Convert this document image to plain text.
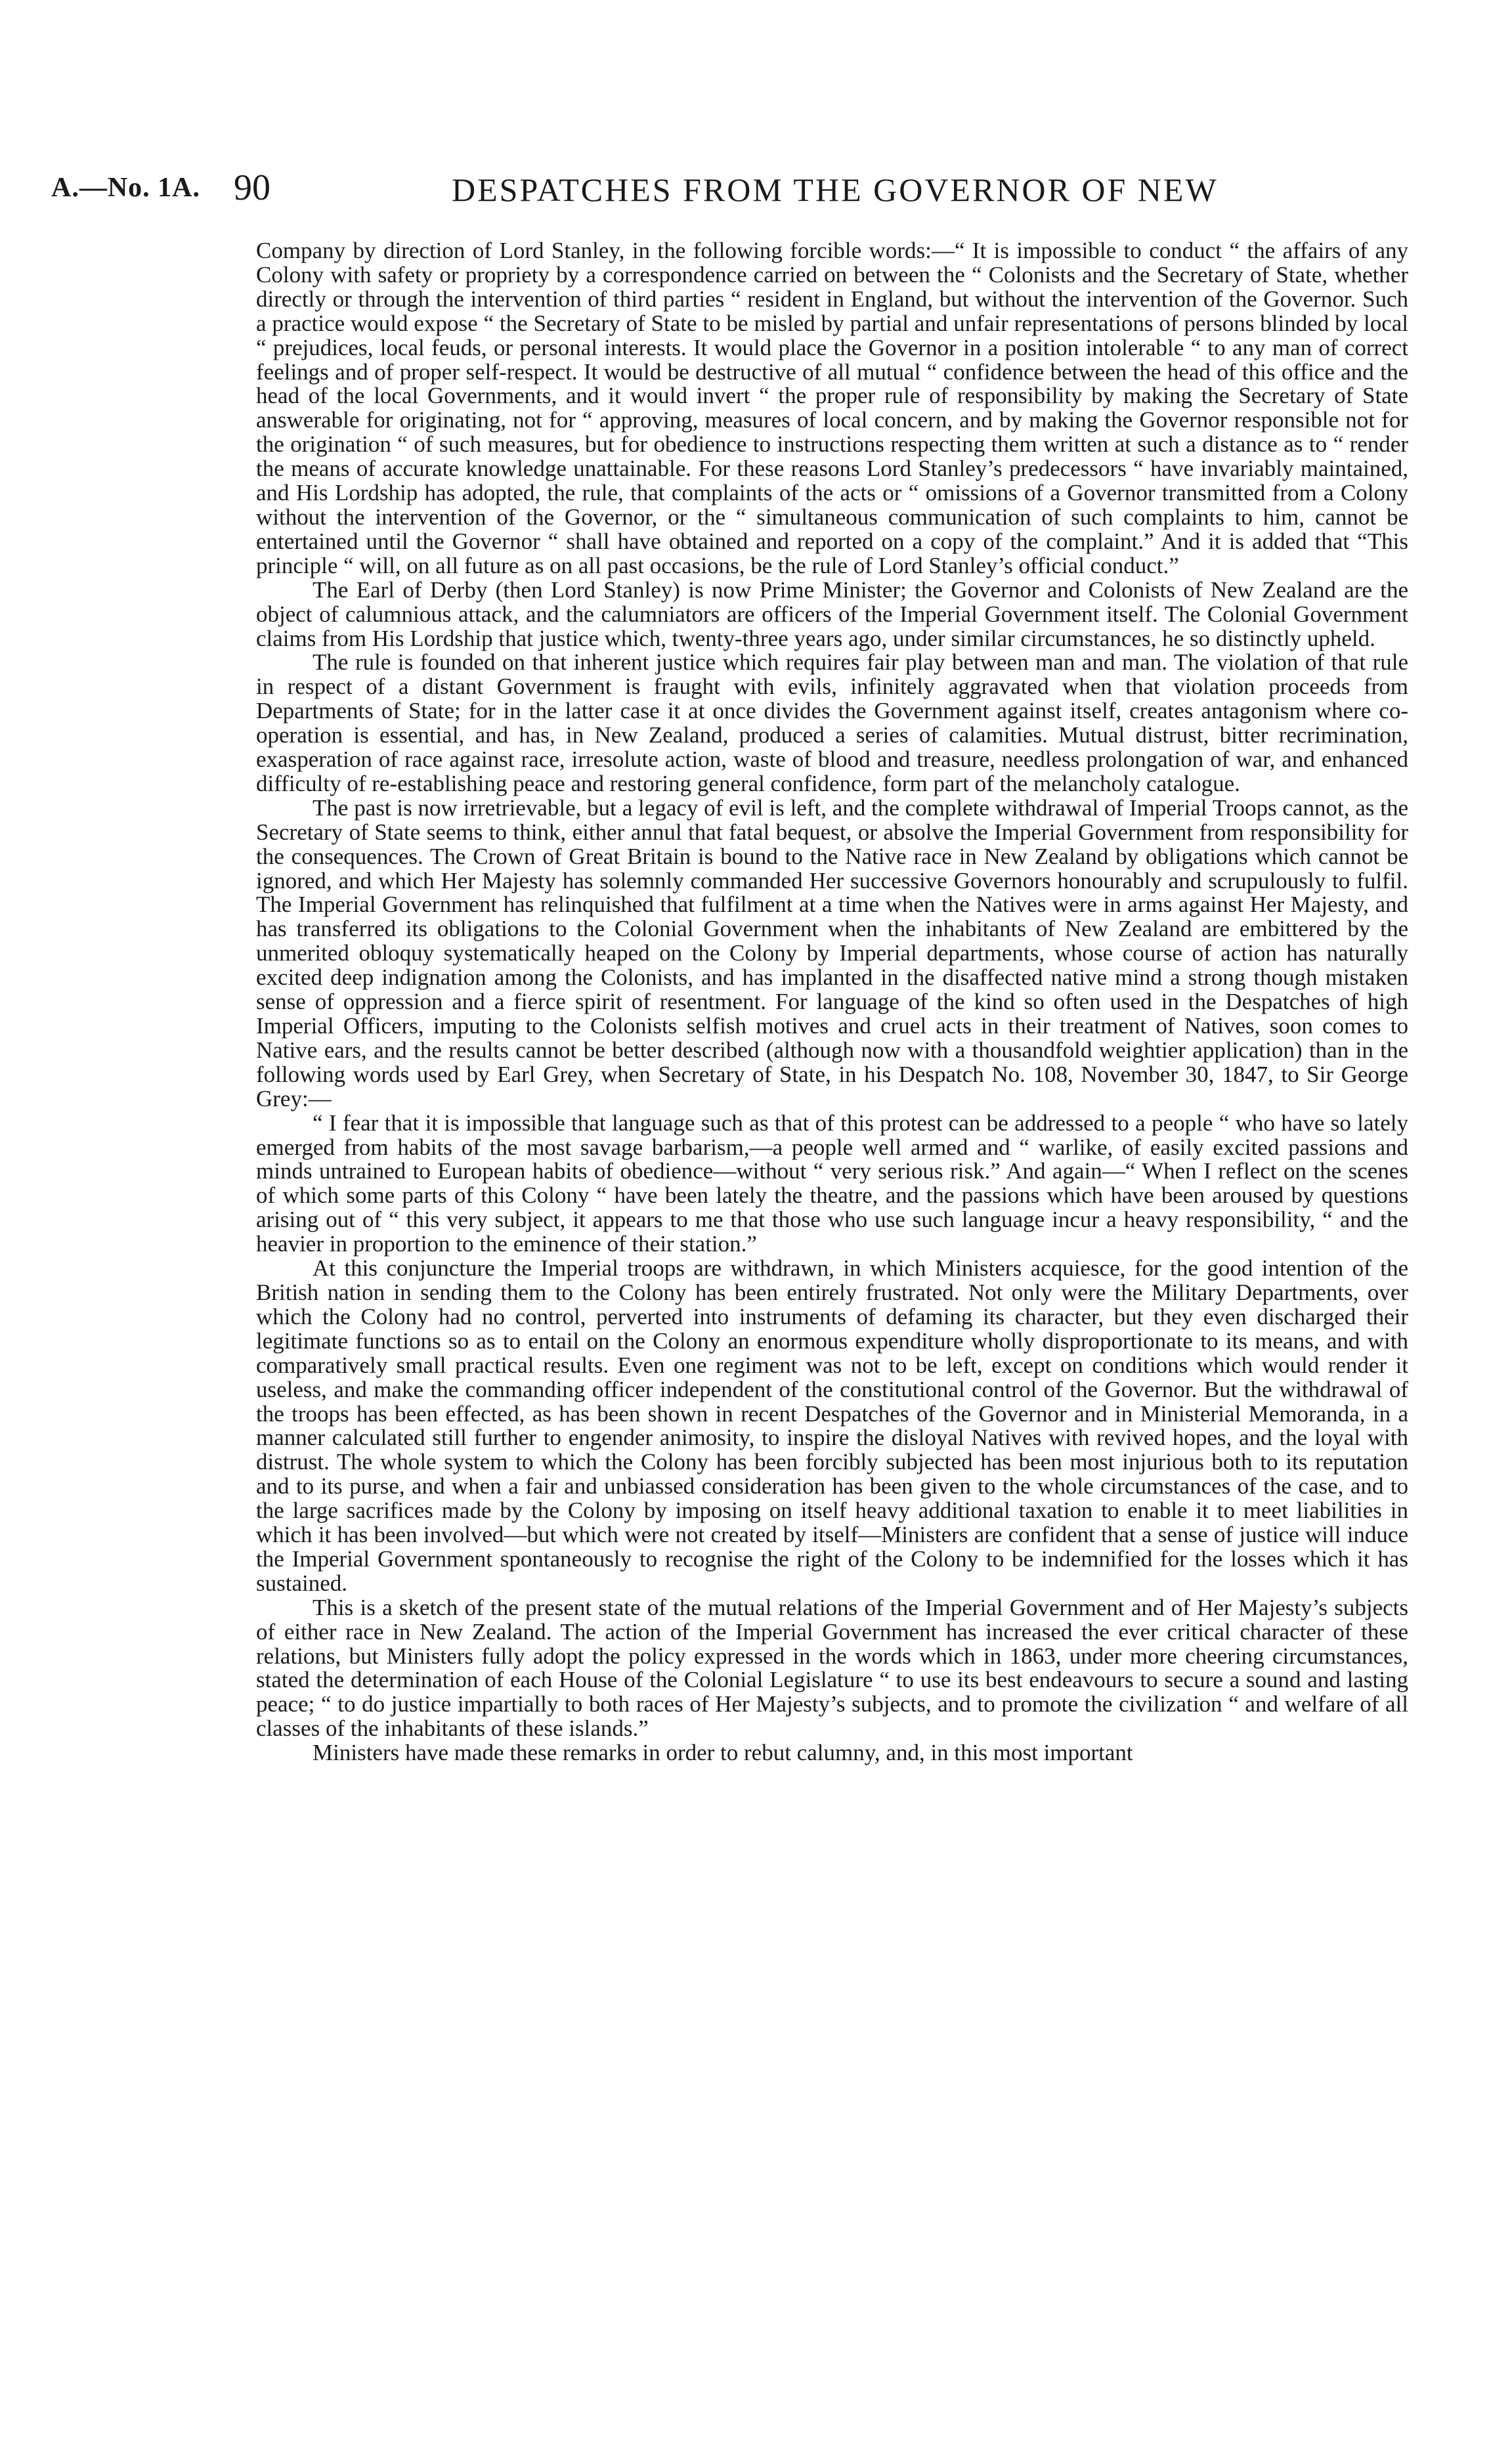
A.—No. 1A. 90	DESPATCHES FROM THE GOVERNOR OF NEW

Company by direction of Lord Stanley, in the following forcible words:—“ It is impossible to conduct “ the affairs of any Colony with safety or propriety by a correspondence carried on between the “ Colonists and the Secretary of State, whether directly or through the intervention of third parties “ resident in England, but without the intervention of the Governor. Such a practice would expose “ the Secretary of State to be misled by partial and unfair representations of persons blinded by local “ prejudices, local feuds, or personal interests. It would place the Governor in a position intolerable “ to any man of correct feelings and of proper self-respect. It would be destructive of all mutual “ confidence between the head of this office and the head of the local Governments, and it would invert “ the proper rule of responsibility by making the Secretary of State answerable for originating, not for “ approving, measures of local concern, and by making the Governor responsible not for the origination “ of such measures, but for obedience to instructions respecting them written at such a distance as to “ render the means of accurate knowledge unattainable. For these reasons Lord Stanley’s predecessors “ have invariably maintained, and His Lordship has adopted, the rule, that complaints of the acts or “ omissions of a Governor transmitted from a Colony without the intervention of the Governor, or the “ simultaneous communication of such complaints to him, cannot be entertained until the Governor “ shall have obtained and reported on a copy of the complaint.” And it is added that “This principle “ will, on all future as on all past occasions, be the rule of Lord Stanley’s official conduct.”

The Earl of Derby (then Lord Stanley) is now Prime Minister; the Governor and Colonists of New Zealand are the object of calumnious attack, and the calumniators are officers of the Imperial Government itself. The Colonial Government claims from His Lordship that justice which, twenty-three years ago, under similar circumstances, he so distinctly upheld.

The rule is founded on that inherent justice which requires fair play between man and man. The violation of that rule in respect of a distant Government is fraught with evils, infinitely aggravated when that violation proceeds from Departments of State; for in the latter case it at once divides the Government against itself, creates antagonism where co-operation is essential, and has, in New Zealand, produced a series of calamities. Mutual distrust, bitter recrimination, exasperation of race against race, irresolute action, waste of blood and treasure, needless prolongation of war, and enhanced difficulty of re-establishing peace and restoring general confidence, form part of the melancholy catalogue.

The past is now irretrievable, but a legacy of evil is left, and the complete withdrawal of Imperial Troops cannot, as the Secretary of State seems to think, either annul that fatal bequest, or absolve the Imperial Government from responsibility for the consequences. The Crown of Great Britain is bound to the Native race in New Zealand by obligations which cannot be ignored, and which Her Majesty has solemnly commanded Her successive Governors honourably and scrupulously to fulfil. The Imperial Government has relinquished that fulfilment at a time when the Natives were in arms against Her Majesty, and has transferred its obligations to the Colonial Government when the inhabitants of New Zealand are embittered by the unmerited obloquy systematically heaped on the Colony by Imperial departments, whose course of action has naturally excited deep indignation among the Colonists, and has implanted in the disaffected native mind a strong though mistaken sense of oppression and a fierce spirit of resentment. For language of the kind so often used in the Despatches of high Imperial Officers, imputing to the Colonists selfish motives and cruel acts in their treatment of Natives, soon comes to Native ears, and the results cannot be better described (although now with a thousandfold weightier application) than in the following words used by Earl Grey, when Secretary of State, in his Despatch No. 108, November 30, 1847, to Sir George Grey:—

“ I fear that it is impossible that language such as that of this protest can be addressed to a people “ who have so lately emerged from habits of the most savage barbarism,—a people well armed and “ warlike, of easily excited passions and minds untrained to European habits of obedience—without “ very serious risk.” And again—“ When I reflect on the scenes of which some parts of this Colony “ have been lately the theatre, and the passions which have been aroused by questions arising out of “ this very subject, it appears to me that those who use such language incur a heavy responsibility, “ and the heavier in proportion to the eminence of their station.”

At this conjuncture the Imperial troops are withdrawn, in which Ministers acquiesce, for the good intention of the British nation in sending them to the Colony has been entirely frustrated. Not only were the Military Departments, over which the Colony had no control, perverted into instruments of defaming its character, but they even discharged their legitimate functions so as to entail on the Colony an enormous expenditure wholly disproportionate to its means, and with comparatively small practical results. Even one regiment was not to be left, except on conditions which would render it useless, and make the commanding officer independent of the constitutional control of the Governor. But the withdrawal of the troops has been effected, as has been shown in recent Despatches of the Governor and in Ministerial Memoranda, in a manner calculated still further to engender animosity, to inspire the disloyal Natives with revived hopes, and the loyal with distrust. The whole system to which the Colony has been forcibly subjected has been most injurious both to its reputation and to its purse, and when a fair and unbiassed consideration has been given to the whole circumstances of the case, and to the large sacrifices made by the Colony by imposing on itself heavy additional taxation to enable it to meet liabilities in which it has been involved—but which were not created by itself—Ministers are confident that a sense of justice will induce the Imperial Government spontaneously to recognise the right of the Colony to be indemnified for the losses which it has sustained.

This is a sketch of the present state of the mutual relations of the Imperial Government and of Her Majesty’s subjects of either race in New Zealand. The action of the Imperial Government has increased the ever critical character of these relations, but Ministers fully adopt the policy expressed in the words which in 1863, under more cheering circumstances, stated the determination of each House of the Colonial Legislature “ to use its best endeavours to secure a sound and lasting peace; “ to do justice impartially to both races of Her Majesty’s subjects, and to promote the civilization “ and welfare of all classes of the inhabitants of these islands.”

Ministers have made these remarks in order to rebut calumny, and, in this most important
